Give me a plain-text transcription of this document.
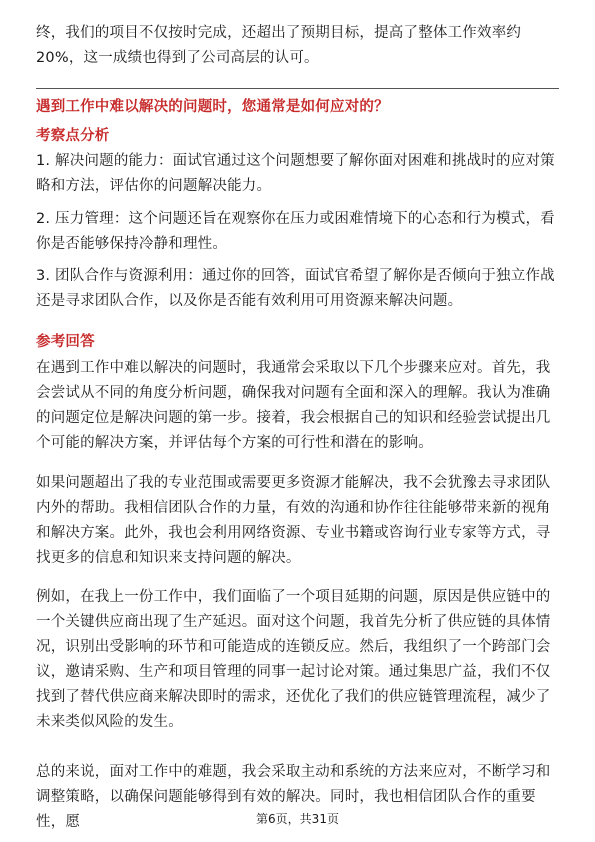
终，我们的项目不仅按时完成，还超出了预期目标，提高了整体工作效率约20%，这一成绩也得到了公司高层的认可。
遇到工作中难以解决的问题时，您通常是如何应对的？
考察点分析
1. 解决问题的能力：面试官通过这个问题想要了解你面对困难和挑战时的应对策略和方法，评估你的问题解决能力。
2. 压力管理：这个问题还旨在观察你在压力或困难情境下的心态和行为模式，看你是否能够保持冷静和理性。
3. 团队合作与资源利用：通过你的回答，面试官希望了解你是否倾向于独立作战还是寻求团队合作，以及你是否能有效利用可用资源来解决问题。
参考回答
在遇到工作中难以解决的问题时，我通常会采取以下几个步骤来应对。首先，我会尝试从不同的角度分析问题，确保我对问题有全面和深入的理解。我认为准确的问题定位是解决问题的第一步。接着，我会根据自己的知识和经验尝试提出几个可能的解决方案，并评估每个方案的可行性和潜在的影响。
如果问题超出了我的专业范围或需要更多资源才能解决，我不会犹豫去寻求团队内外的帮助。我相信团队合作的力量，有效的沟通和协作往往能够带来新的视角和解决方案。此外，我也会利用网络资源、专业书籍或咨询行业专家等方式，寻找更多的信息和知识来支持问题的解决。
例如，在我上一份工作中，我们面临了一个项目延期的问题，原因是供应链中的一个关键供应商出现了生产延迟。面对这个问题，我首先分析了供应链的具体情况，识别出受影响的环节和可能造成的连锁反应。然后，我组织了一个跨部门会议，邀请采购、生产和项目管理的同事一起讨论对策。通过集思广益，我们不仅找到了替代供应商来解决即时的需求，还优化了我们的供应链管理流程，减少了未来类似风险的发生。
总的来说，面对工作中的难题，我会采取主动和系统的方法来应对，不断学习和调整策略，以确保问题能够得到有效的解决。同时，我也相信团队合作的重要性，愿	第6页，共31页
